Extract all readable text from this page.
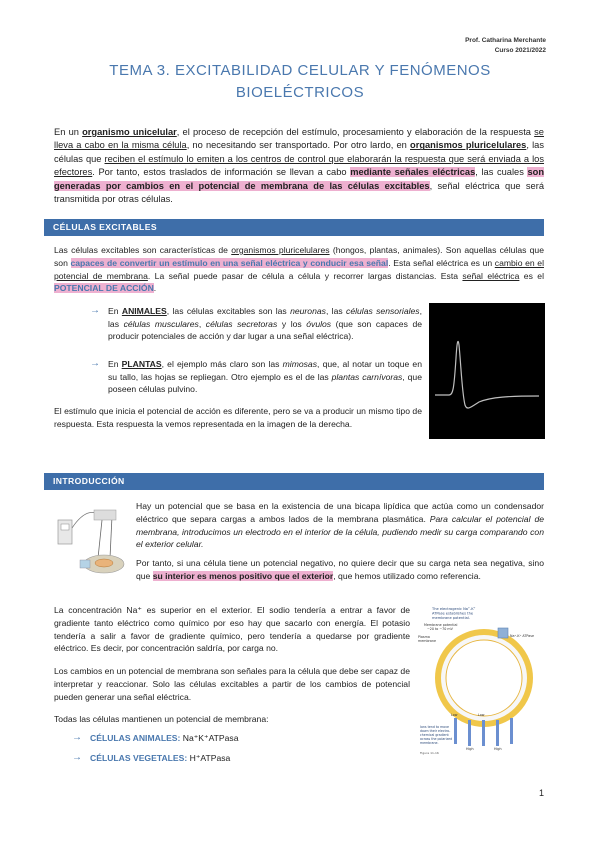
Prof. Catharina Merchante
Curso 2021/2022
TEMA 3. EXCITABILIDAD CELULAR Y FENÓMENOS
BIOELÉCTRICOS
En un organismo unicelular, el proceso de recepción del estímulo, procesamiento y elaboración de la respuesta se lleva a cabo en la misma célula, no necesitando ser transportado. Por otro lardo, en organismos pluricelulares, las células que reciben el estímulo lo emiten a los centros de control que elaborarán la respuesta que será enviada a los efectores. Por tanto, estos traslados de información se llevan a cabo mediante señales eléctricas, las cuales son generadas por cambios en el potencial de membrana de las células excitables, señal eléctrica que será transmitida por otras células.
CÉLULAS EXCITABLES
Las células excitables son características de organismos pluricelulares (hongos, plantas, animales). Son aquellas células que son capaces de convertir un estímulo en una señal eléctrica y conducir esa señal. Esta señal eléctrica es un cambio en el potencial de membrana. La señal puede pasar de célula a célula y recorrer largas distancias. Esta señal eléctrica es el POTENCIAL DE ACCIÓN.
→ En ANIMALES, las células excitables son las neuronas, las células sensoriales, las células musculares, células secretoras y los óvulos (que son capaces de producir potenciales de acción y dar lugar a una señal eléctrica).
→ En PLANTAS, el ejemplo más claro son las mimosas, que, al notar un toque en su tallo, las hojas se repliegan. Otro ejemplo es el de las plantas carnívoras, que poseen células pulvino.
El estímulo que inicia el potencial de acción es diferente, pero se va a producir un mismo tipo de respuesta. Esta respuesta la vemos representada en la imagen de la derecha.
INTRODUCCIÓN
Hay un potencial que se basa en la existencia de una bicapa lipídica que actúa como un condensador eléctrico que separa cargas a ambos lados de la membrana plasmática. Para calcular el potencial de membrana, introducimos un electrodo en el interior de la célula, pudiendo medir su carga comparando con el exterior celular.
Por tanto, si una célula tiene un potencial negativo, no quiere decir que su carga neta sea negativa, sino que su interior es menos positivo que el exterior, que hemos utilizado como referencia.
La concentración Na⁺ es superior en el exterior. El sodio tendería a entrar a favor de gradiente tanto eléctrico como químico por eso hay que sacarlo con energía. El potasio tendería a salir a favor de gradiente químico, pero tendería a quedarse por gradiente eléctrico. Es decir, por concentración saldría, por carga no.
Los cambios en un potencial de membrana son señales para la célula que debe ser capaz de interpretar y reaccionar. Solo las células excitables a partir de los cambios de potencial pueden generar una señal eléctrica.
Todas las células mantienen un potencial de membrana:
→ CÉLULAS ANIMALES: Na⁺K⁺ATPasa
→ CÉLULAS VEGETALES: H⁺ATPasa
The electrogenic Na⁺-K⁺
ATPase establishes the
membrane potential.
Membrane potential
−20 to −70 mV
Plasma
membrane
Na⁺-K⁺ ATPase
Low	Low
High	High
Ions tend to move
down their electro-
chemical gradient
across the polarized
membrane.
Figure 11-16
1
